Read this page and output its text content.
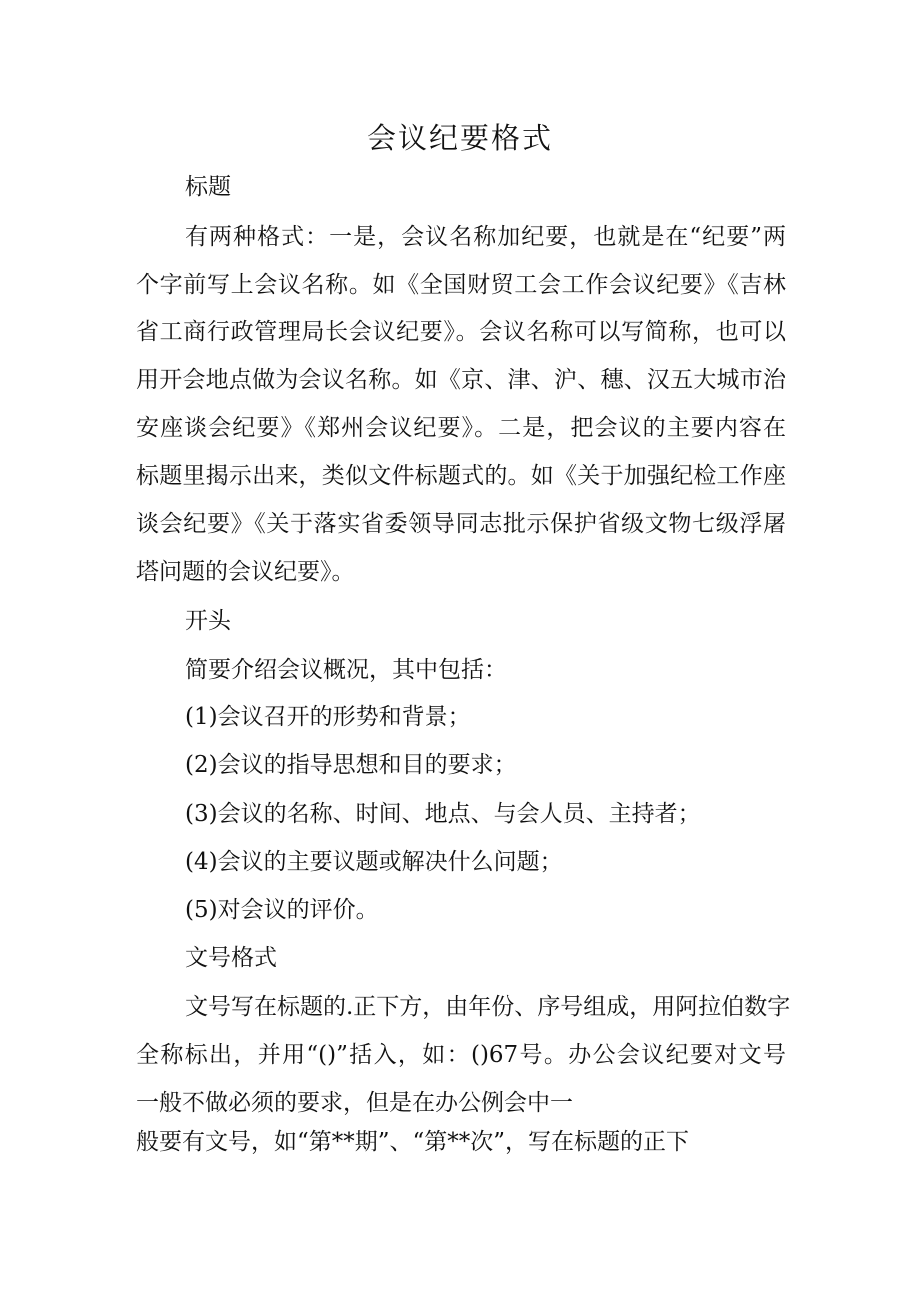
会议纪要格式

标题

有两种格式：一是，会议名称加纪要，也就是在“纪要”两

个字前写上会议名称。如《全国财贸工会工作会议纪要》《吉林

省工商行政管理局长会议纪要》。会议名称可以写简称，也可以

用开会地点做为会议名称。如《京、津、沪、穗、汉五大城市治

安座谈会纪要》《郑州会议纪要》。二是，把会议的主要内容在

标题里揭示出来，类似文件标题式的。如《关于加强纪检工作座

谈会纪要》《关于落实省委领导同志批示保护省级文物七级浮屠

塔问题的会议纪要》。

开头

简要介绍会议概况，其中包括：

(1)会议召开的形势和背景；

(2)会议的指导思想和目的要求；

(3)会议的名称、时间、地点、与会人员、主持者；

(4)会议的主要议题或解决什么问题；

(5)对会议的评价。

文号格式

文号写在标题的.正下方，由年份、序号组成，用阿拉伯数字

全称标出，并用“()”括入，如：()67号。办公会议纪要对文号

一般不做必须的要求，但是在办公例会中一

般要有文号，如“第**期”、“第**次”，写在标题的正下
